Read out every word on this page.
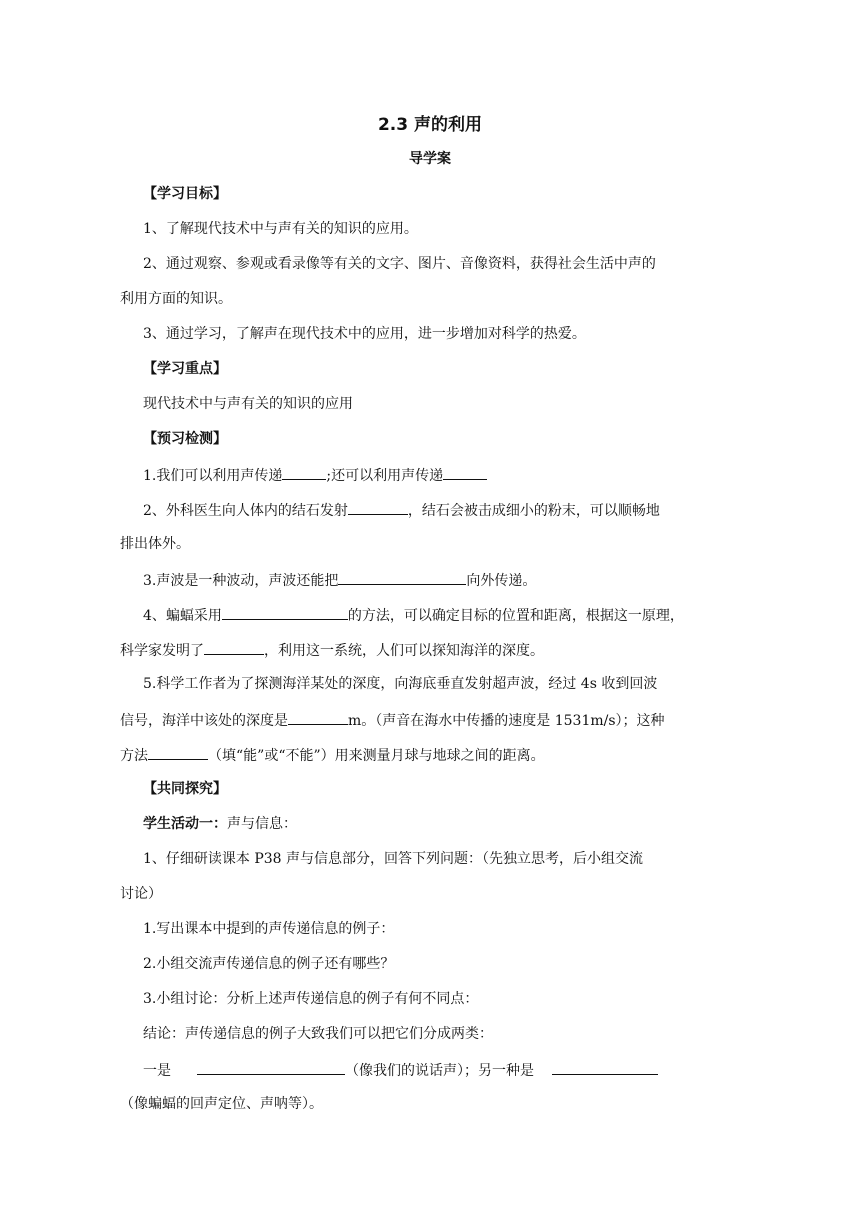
2.3 声的利用
导学案
【学习目标】
1、了解现代技术中与声有关的知识的应用。
2、通过观察、参观或看录像等有关的文字、图片、音像资料，获得社会生活中声的
利用方面的知识。
3、通过学习，了解声在现代技术中的应用，进一步增加对科学的热爱。
【学习重点】
现代技术中与声有关的知识的应用
【预习检测】
1.我们可以利用声传递	;还可以利用声传递
2、外科医生向人体内的结石发射	，结石会被击成细小的粉末，可以顺畅地
排出体外。
3.声波是一种波动，声波还能把	向外传递。
4、蝙蝠采用	的方法，可以确定目标的位置和距离，根据这一原理，
科学家发明了	，利用这一系统，人们可以探知海洋的深度。
5.科学工作者为了探测海洋某处的深度，向海底垂直发射超声波，经过 4s 收到回波
信号，海洋中该处的深度是	m。（声音在海水中传播的速度是 1531m/s）；这种
方法	（填“能”或“不能”）用来测量月球与地球之间的距离。
【共同探究】
学生活动一：声与信息：
1、仔细研读课本 P38 声与信息部分，回答下列问题：（先独立思考，后小组交流
讨论）
1.写出课本中提到的声传递信息的例子：
2.小组交流声传递信息的例子还有哪些？
3.小组讨论：分析上述声传递信息的例子有何不同点：
结论：声传递信息的例子大致我们可以把它们分成两类：
一是	（像我们的说话声）；另一种是
（像蝙蝠的回声定位、声呐等）。
